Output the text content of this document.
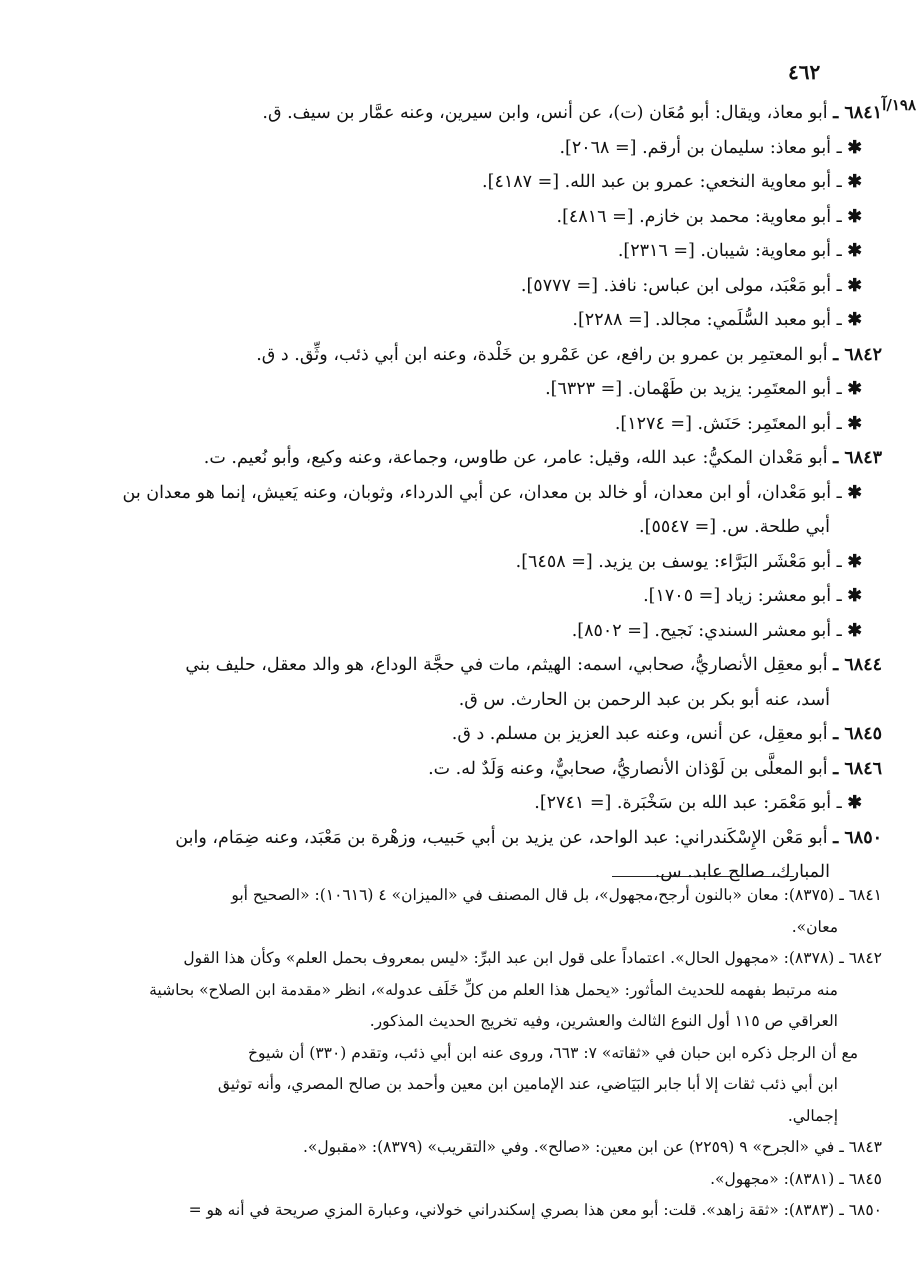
٤٦٢
١٩٨/آ
٦٨٤١ ـ أبو معاذ، ويقال: أبو مُعَان (ت)، عن أنس، وابن سيرين، وعنه عمَّار بن سيف. ق.
✱ ـ أبو معاذ: سليمان بن أرقم. [= ٢٠٦٨].
✱ ـ أبو معاوية النخعي: عمرو بن عبد الله. [= ٤١٨٧].
✱ ـ أبو معاوية: محمد بن خازم. [= ٤٨١٦].
✱ ـ أبو معاوية: شيبان. [= ٢٣١٦].
✱ ـ أبو مَعْبَد، مولى ابن عباس: نافذ. [= ٥٧٧٧].
✱ ـ أبو معبد السُّلَمي: مجالد. [= ٢٢٨٨].
٦٨٤٢ ـ أبو المعتمِر بن عمرو بن رافع، عن عَمْرو بن خَلْدة، وعنه ابن أبي ذئب، وثِّق. د ق.
✱ ـ أبو المعتَمِر: يزيد بن طَهْمان. [= ٦٣٢٣].
✱ ـ أبو المعتَمِر: حَنَش. [= ١٢٧٤].
٦٨٤٣ ـ أبو مَعْدان المكيُّ: عبد الله، وقيل: عامر، عن طاوس، وجماعة، وعنه وكيع، وأبو نُعيم. ت.
✱ ـ أبو مَعْدان، أو ابن معدان، أو خالد بن معدان، عن أبي الدرداء، وثوبان، وعنه يَعيش، إنما هو معدان بن
أبي طلحة. س. [= ٥٥٤٧].
✱ ـ أبو مَعْشَر البَرَّاء: يوسف بن يزيد. [= ٦٤٥٨].
✱ ـ أبو معشر: زياد [= ١٧٠٥].
✱ ـ أبو معشر السندي: نَجيح. [= ٨٥٠٢].
٦٨٤٤ ـ أبو معقِل الأنصاريُّ، صحابي، اسمه: الهيثم، مات في حجَّة الوداع، هو والد معقل، حليف بني
أسد، عنه أبو بكر بن عبد الرحمن بن الحارث. س ق.
٦٨٤٥ ـ أبو معقِل، عن أنس، وعنه عبد العزيز بن مسلم. د ق.
٦٨٤٦ ـ أبو المعلَّى بن لَوْذان الأنصاريُّ، صحابيٌّ، وعنه وَلَدٌ له. ت.
✱ ـ أبو مَعْمَر: عبد الله بن سَخْبَرة. [= ٢٧٤١].
٦٨٥٠ ـ أبو مَعْن الإِسْكَندراني: عبد الواحد، عن يزيد بن أبي حَبيب، وزهْرة بن مَعْبَد، وعنه ضِمَام، وابن
المبارك، صالح عابد. س.
٦٨٤١ ـ (٨٣٧٥): معان «بالنون أرجح،مجهول»، بل قال المصنف في «الميزان» ٤ (١٠٦١٦): «الصحيح أبو
معان».
٦٨٤٢ ـ (٨٣٧٨): «مجهول الحال». اعتماداً على قول ابن عبد البرِّ: «ليس بمعروف بحمل العلم» وكأن هذا القول
منه مرتبط بفهمه للحديث المأثور: «يحمل هذا العلم من كلِّ خَلَف عدوله»، انظر «مقدمة ابن الصلاح» بحاشية
العراقي ص ١١٥ أول النوع الثالث والعشرين، وفيه تخريج الحديث المذكور.
مع أن الرجل ذكره ابن حبان في «ثقاته» ٧: ٦٦٣، وروى عنه ابن أبي ذئب، وتقدم (٣٣٠) أن شيوخ
ابن أبي ذئب ثقات إلا أبا جابر البَيَاضي، عند الإمامين ابن معين وأحمد بن صالح المصري، وأنه توثيق
إجمالي.
٦٨٤٣ ـ في «الجرح» ٩ (٢٢٥٩) عن ابن معين: «صالح». وفي «التقريب» (٨٣٧٩): «مقبول».
٦٨٤٥ ـ (٨٣٨١): «مجهول».
٦٨٥٠ ـ (٨٣٨٣): «ثقة زاهد». قلت: أبو معن هذا بصري إسكندراني خولاني، وعبارة المزي صريحة في أنه هو =
